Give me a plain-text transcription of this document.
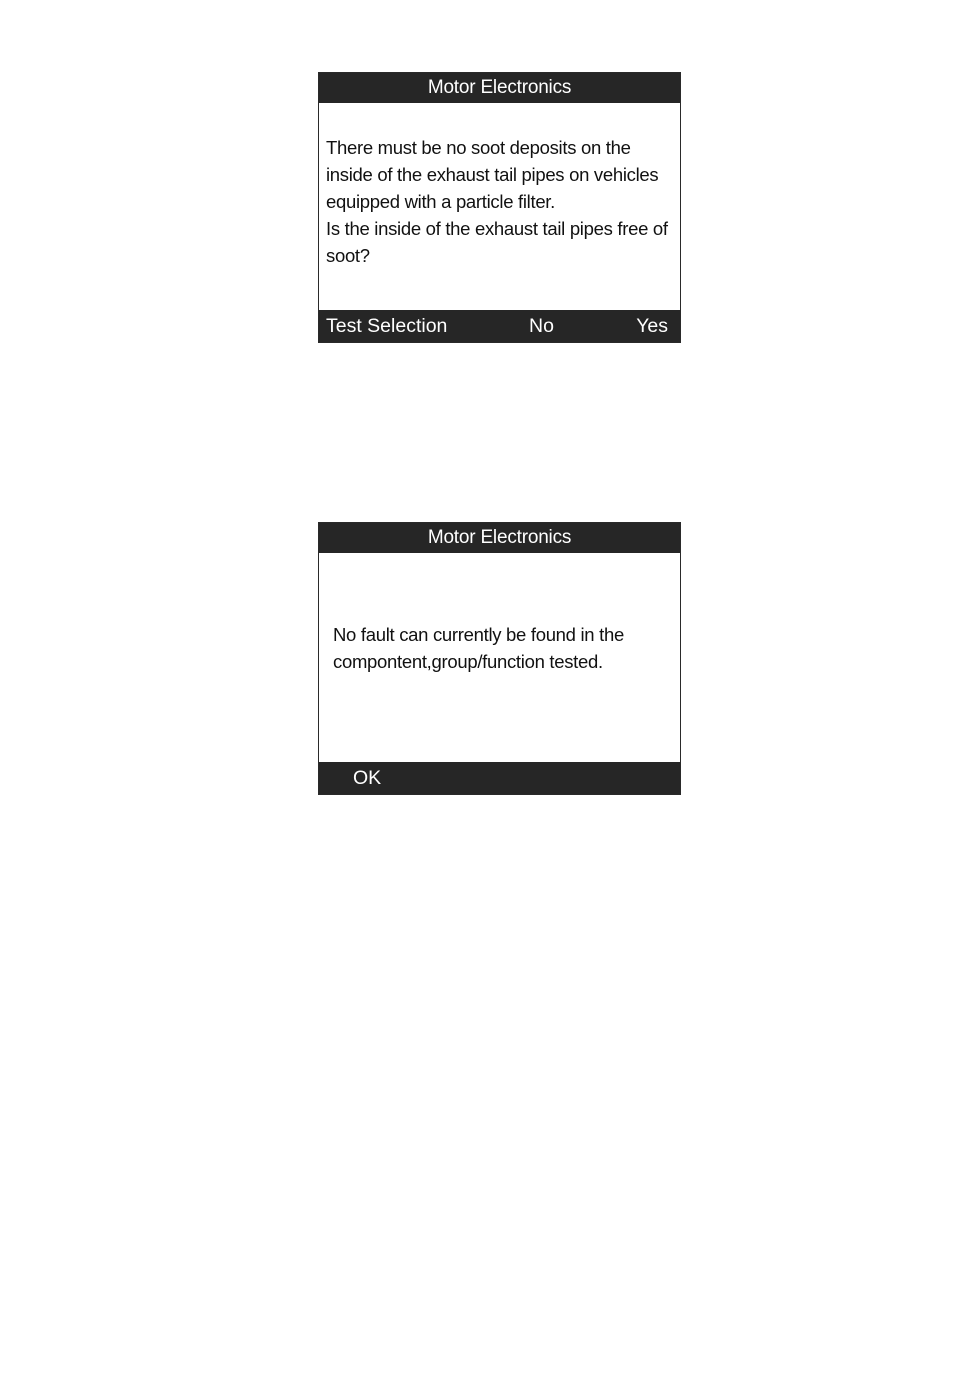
Motor Electronics

There must be no soot deposits on the inside of the exhaust tail pipes on vehicles equipped with a particle filter.

Is the inside of the exhaust tail pipes free of soot?

Test Selection	No	Yes
Motor Electronics
No fault can currently be found in the compontent,group/function tested.
OK
